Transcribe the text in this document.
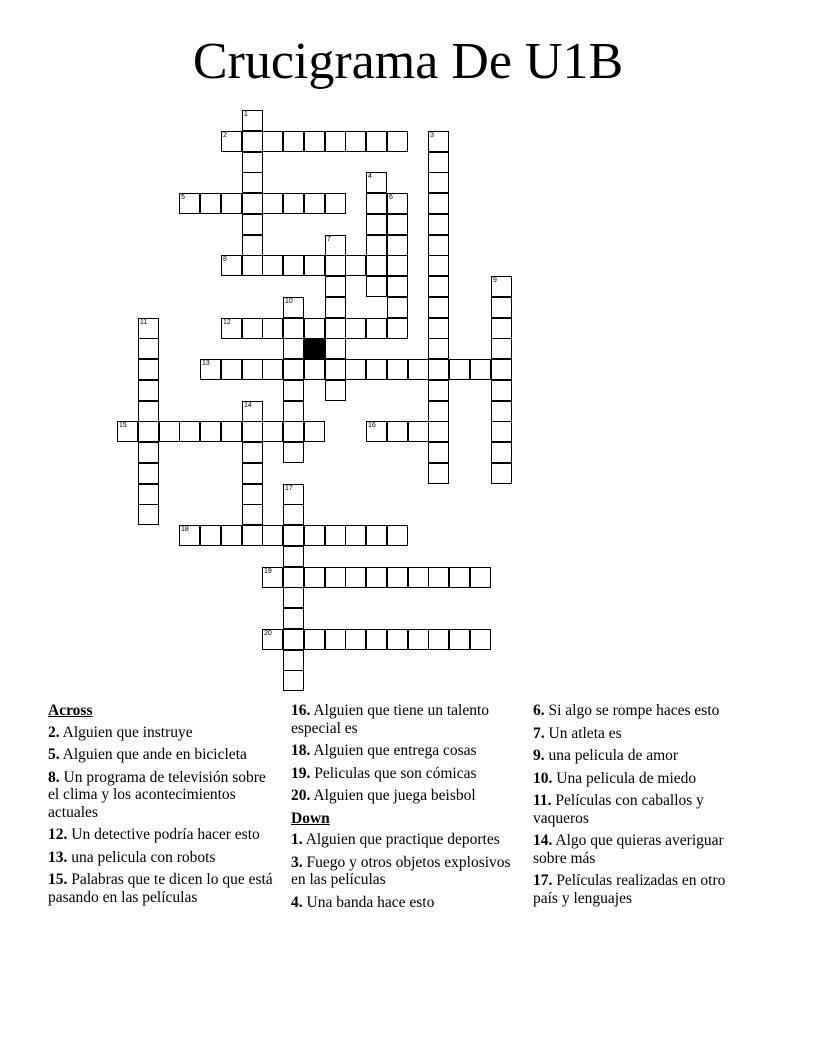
Crucigrama De U1B
1
2	3
4
5	6
7
8
9
10
11	12
13
14
15	16
17
18
19
20
Across
2. Alguien que instruye
5. Alguien que ande en bicicleta
8. Un programa de televisión sobre el clima y los acontecimientos actuales
12. Un detective podría hacer esto
13. una pelicula con robots
15. Palabras que te dicen lo que está pasando en las películas
16. Alguien que tiene un talento especial es
18. Alguien que entrega cosas
19. Peliculas que son cómicas
20. Alguien que juega beisbol
Down
1. Alguien que practique deportes
3. Fuego y otros objetos explosivos en las películas
4. Una banda hace esto
6. Si algo se rompe haces esto
7. Un atleta es
9. una pelicula de amor
10. Una pelicula de miedo
11. Películas con caballos y vaqueros
14. Algo que quieras averiguar sobre más
17. Películas realizadas en otro país y lenguajes
